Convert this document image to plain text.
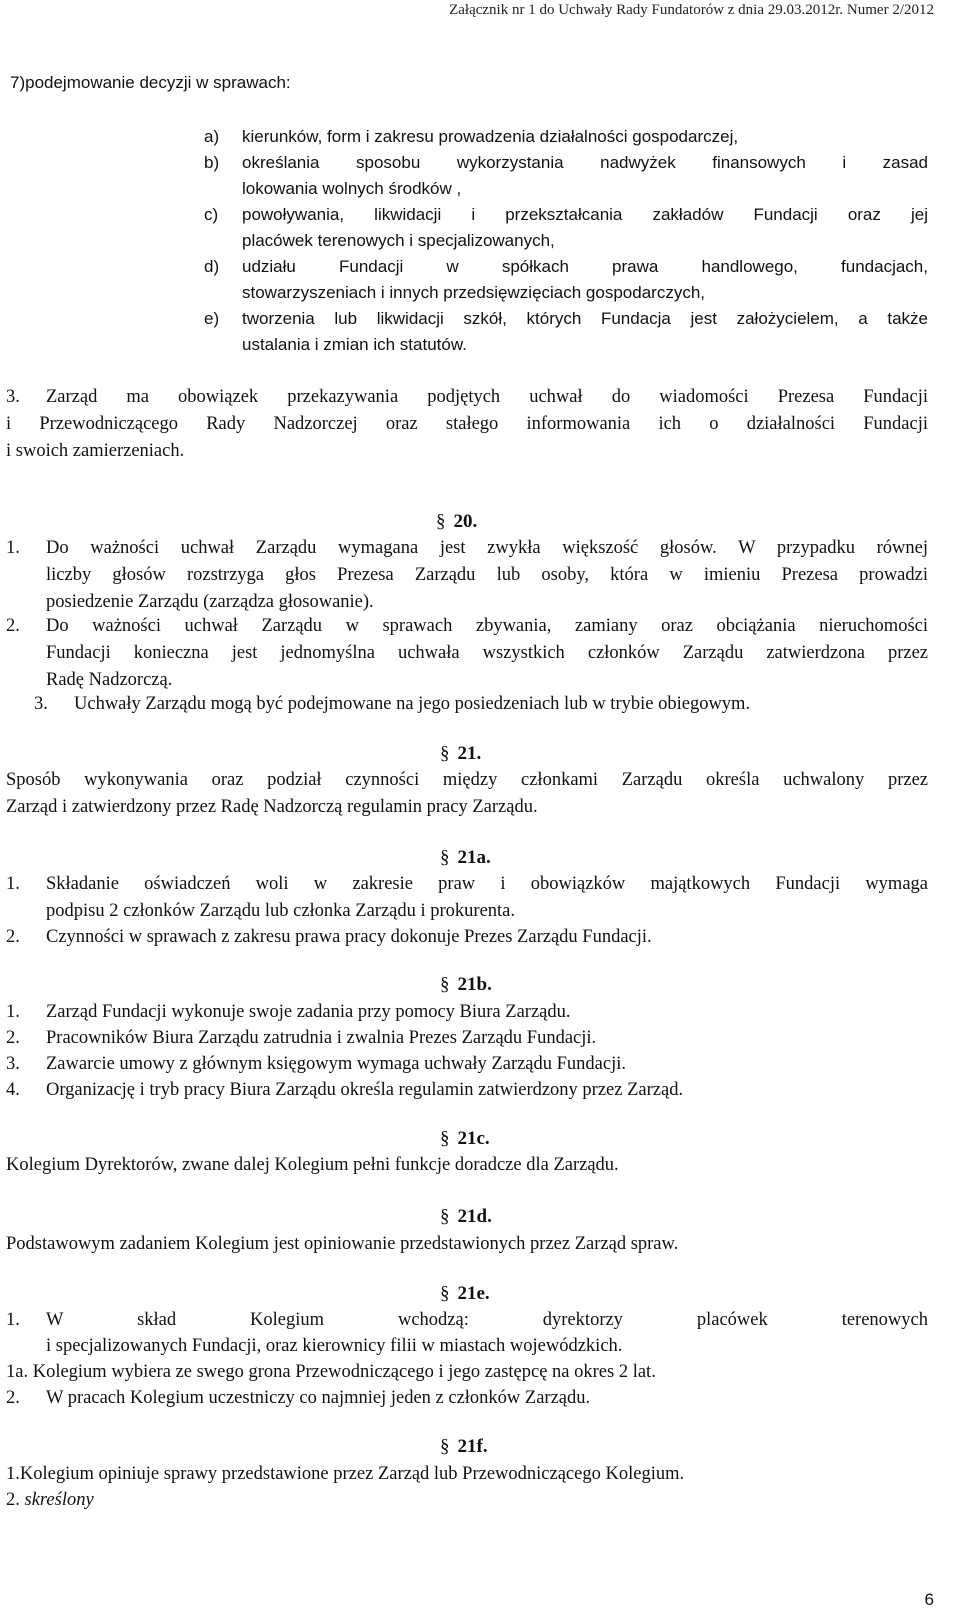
Załącznik nr 1 do Uchwały Rady Fundatorów z dnia 29.03.2012r. Numer 2/2012
7)podejmowanie decyzji w sprawach:
a) kierunków, form i zakresu prowadzenia działalności gospodarczej,
b) określania sposobu wykorzystania nadwyżek finansowych i zasad
lokowania wolnych środków ,
c) powoływania, likwidacji i przekształcania zakładów Fundacji oraz jej
placówek terenowych i specjalizowanych,
d) udziału Fundacji w spółkach prawa handlowego, fundacjach,
stowarzyszeniach i innych przedsięwzięciach gospodarczych,
e) tworzenia lub likwidacji szkół, których Fundacja jest założycielem, a także
ustalania i zmian ich statutów.
3. Zarząd ma obowiązek przekazywania podjętych uchwał do wiadomości Prezesa Fundacji
i Przewodniczącego Rady Nadzorczej oraz stałego informowania ich o działalności Fundacji
i swoich zamierzeniach.
§ 20.
1. Do ważności uchwał Zarządu wymagana jest zwykła większość głosów. W przypadku równej
liczby głosów rozstrzyga głos Prezesa Zarządu lub osoby, która w imieniu Prezesa prowadzi
posiedzenie Zarządu (zarządza głosowanie).
2. Do ważności uchwał Zarządu w sprawach zbywania, zamiany oraz obciążania nieruchomości
Fundacji konieczna jest jednomyślna uchwała wszystkich członków Zarządu zatwierdzona przez
Radę Nadzorczą.
3. Uchwały Zarządu mogą być podejmowane na jego posiedzeniach lub w trybie obiegowym.
§ 21.
Sposób wykonywania oraz podział czynności między członkami Zarządu określa uchwalony przez
Zarząd i zatwierdzony przez Radę Nadzorczą regulamin pracy Zarządu.
§ 21a.
1. Składanie oświadczeń woli w zakresie praw i obowiązków majątkowych Fundacji wymaga
podpisu 2 członków Zarządu lub członka Zarządu i prokurenta.
2. Czynności w sprawach z zakresu prawa pracy dokonuje Prezes Zarządu Fundacji.
§ 21b.
1. Zarząd Fundacji wykonuje swoje zadania przy pomocy Biura Zarządu.
2. Pracowników Biura Zarządu zatrudnia i zwalnia Prezes Zarządu Fundacji.
3. Zawarcie umowy z głównym księgowym wymaga uchwały Zarządu Fundacji.
4. Organizację i tryb pracy Biura Zarządu określa regulamin zatwierdzony przez Zarząd.
§ 21c.
Kolegium Dyrektorów, zwane dalej Kolegium pełni funkcje doradcze dla Zarządu.
§ 21d.
Podstawowym zadaniem Kolegium jest opiniowanie przedstawionych przez Zarząd spraw.
§ 21e.
1. W skład Kolegium wchodzą: dyrektorzy placówek terenowych
i specjalizowanych Fundacji, oraz kierownicy filii w miastach wojewódzkich.
1a. Kolegium wybiera ze swego grona Przewodniczącego i jego zastępcę na okres 2 lat.
2. W pracach Kolegium uczestniczy co najmniej jeden z członków Zarządu.
§ 21f.
1.Kolegium opiniuje sprawy przedstawione przez Zarząd lub Przewodniczącego Kolegium.
2. skreślony
6
